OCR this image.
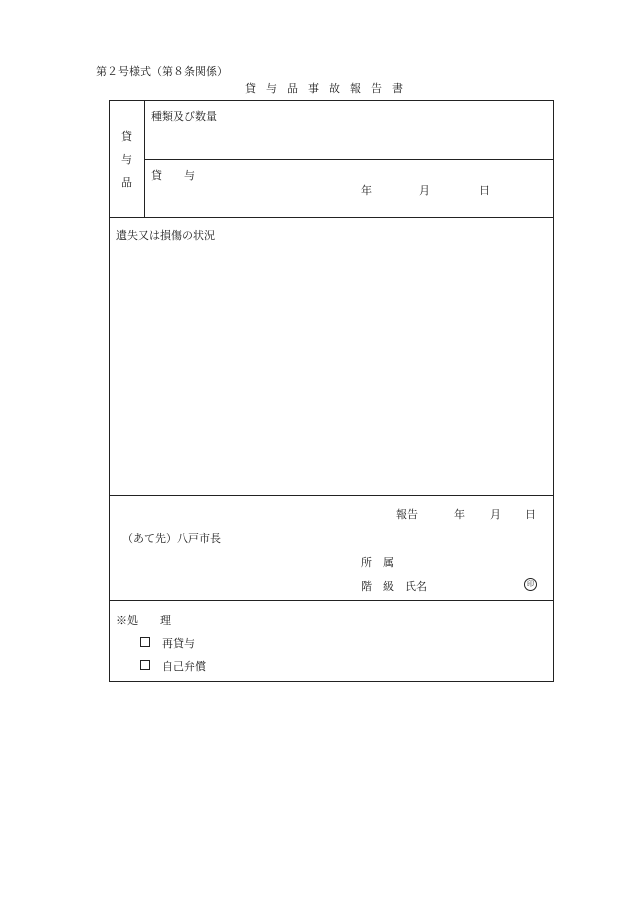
第２号様式（第８条関係）
貸与品事故報告書
貸
与
品
種類及び数量
貸　　与
年	月	日
遺失又は損傷の状況
報告	年 月 日
（あて先）八戸市長
所　属
階　級　氏名	印
※処　　理
再貸与
自己弁償
